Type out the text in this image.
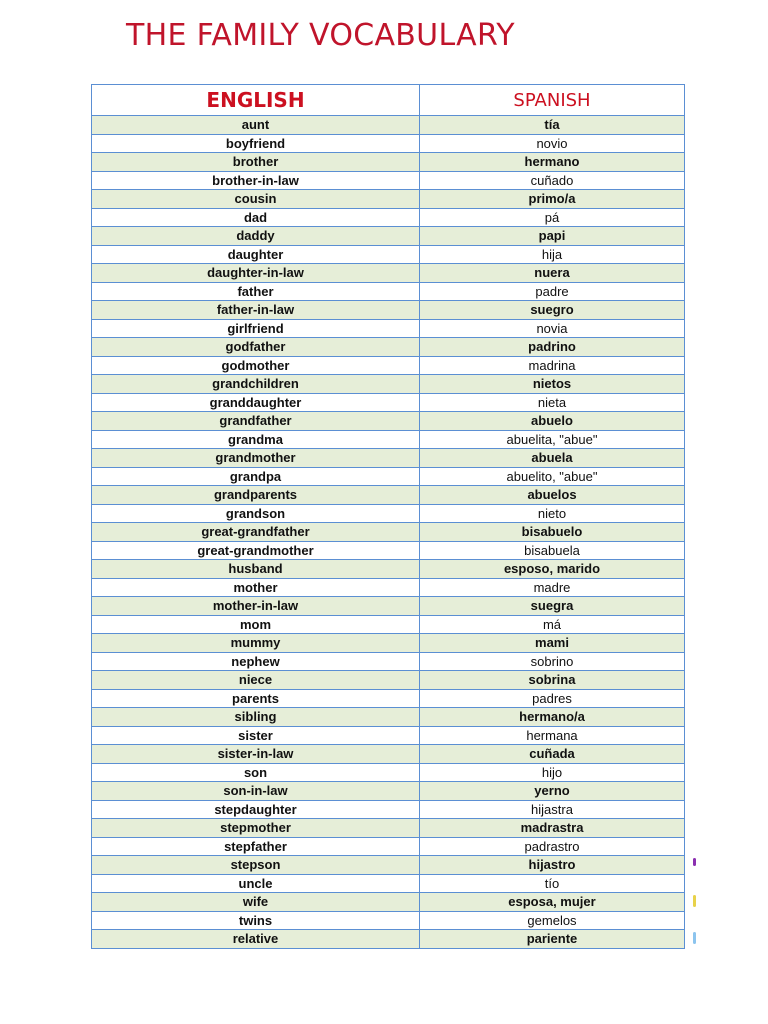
THE FAMILY VOCABULARY
ENGLISH	SPANISH
aunt	tía
boyfriend	novio
brother	hermano
brother-in-law	cuñado
cousin	primo/a
dad	pá
daddy	papi
daughter	hija
daughter-in-law	nuera
father	padre
father-in-law	suegro
girlfriend	novia
godfather	padrino
godmother	madrina
grandchildren	nietos
granddaughter	nieta
grandfather	abuelo
grandma	abuelita, "abue"
grandmother	abuela
grandpa	abuelito, "abue"
grandparents	abuelos
grandson	nieto
great-grandfather	bisabuelo
great-grandmother	bisabuela
husband	esposo, marido
mother	madre
mother-in-law	suegra
mom	má
mummy	mami
nephew	sobrino
niece	sobrina
parents	padres
sibling	hermano/a
sister	hermana
sister-in-law	cuñada
son	hijo
son-in-law	yerno
stepdaughter	hijastra
stepmother	madrastra
stepfather	padrastro
stepson	hijastro
uncle	tío
wife	esposa, mujer
twins	gemelos
relative	pariente
